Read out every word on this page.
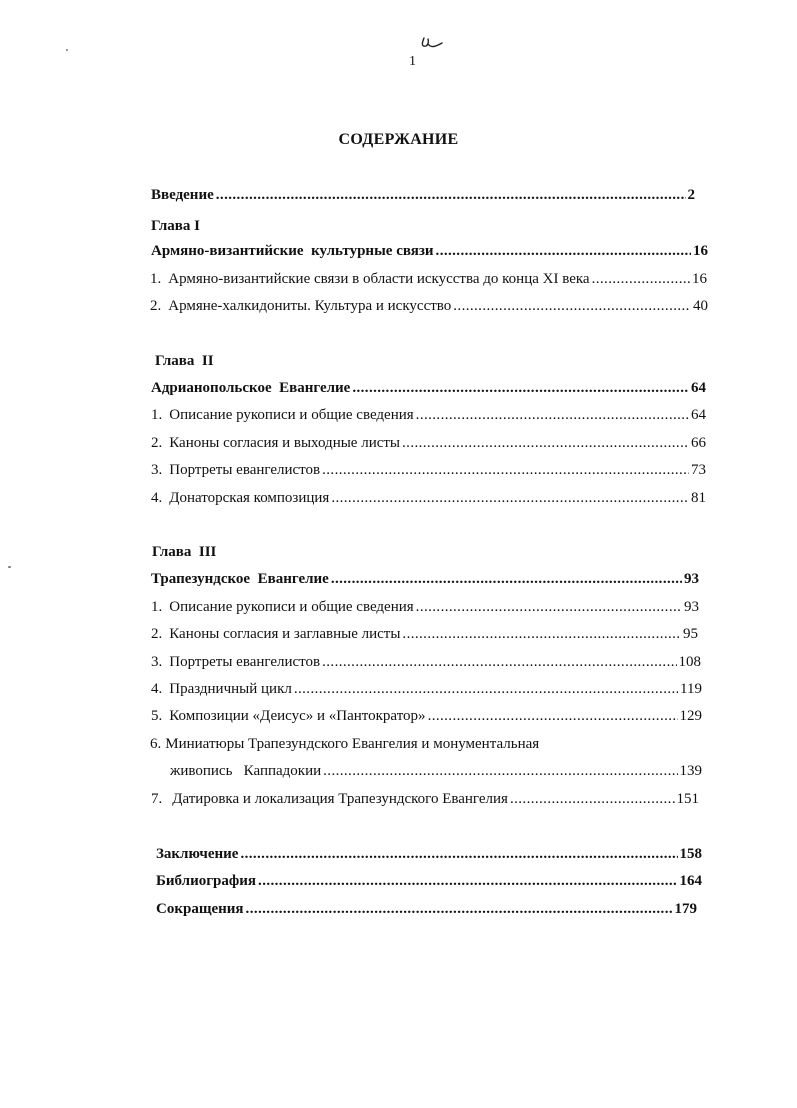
1
СОДЕРЖАНИЕ
Введение .....	2
Глава I
Армяно-византийские  культурные связи .....	16
1. Армяно-византийские связи в области искусства до конца XI века .....	16
2. Армяне-халкидониты. Культура и искусство .....	40
Глава  II
Адрианопольское  Евангелие .....	64
1. Описание рукописи и общие сведения .....	64
2. Каноны согласия и выходные листы .....	66
3. Портреты евангелистов .....	73
4. Донаторская композиция .....	81
Глава  III
Трапезундское  Евангелие .....	93
1. Описание рукописи и общие сведения .....	93
2. Каноны согласия и заглавные листы .....	95
3. Портреты евангелистов .....	108
4. Праздничный цикл .....	119
5. Композиции «Деисус» и «Пантократор» .....	129
6. Миниатюры Трапезундского Евангелия и монументальная
живопись   Каппадокии .....	139
7. Датировка и локализация Трапезундского Евангелия .....	151
Заключение .....	158
Библиография .....	164
Сокращения .....	179
